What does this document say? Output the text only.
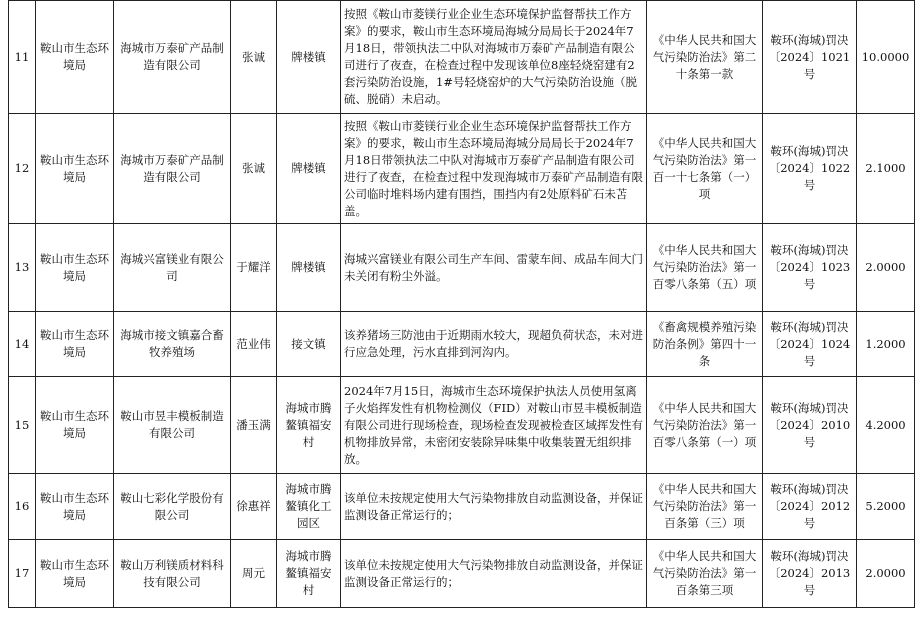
11	鞍山市生态环境局	海城市万泰矿产品制造有限公司	张诚	牌楼镇	按照《鞍山市菱镁行业企业生态环境保护监督帮扶工作方案》的要求，鞍山市生态环境局海城分局局长于2024年7月18日，带领执法二中队对海城市万泰矿产品制造有限公司进行了夜查，在检查过程中发现该单位8座轻烧窑建有2套污染防治设施，1#号轻烧窑炉的大气污染防治设施（脱硫、脱硝）未启动。	《中华人民共和国大气污染防治法》第二十条第一款	鞍环(海城)罚决〔2024〕1021号	10.0000
12	鞍山市生态环境局	海城市万泰矿产品制造有限公司	张诚	牌楼镇	按照《鞍山市菱镁行业企业生态环境保护监督帮扶工作方案》的要求，鞍山市生态环境局海城分局局长于2024年7月18日带领执法二中队对海城市万泰矿产品制造有限公司进行了夜查，在检查过程中发现海城市万泰矿产品制造有限公司临时堆料场内建有围挡，围挡内有2处原料矿石未苫盖。	《中华人民共和国大气污染防治法》第一百一十七条第（一）项	鞍环(海城)罚决〔2024〕1022号	2.1000
13	鞍山市生态环境局	海城兴富镁业有限公司	于耀洋	牌楼镇	海城兴富镁业有限公司生产车间、雷蒙车间、成品车间大门未关闭有粉尘外溢。	《中华人民共和国大气污染防治法》第一百零八条第（五）项	鞍环(海城)罚决〔2024〕1023号	2.0000
14	鞍山市生态环境局	海城市接文镇嘉合畜牧养殖场	范业伟	接文镇	该养猪场三防池由于近期雨水较大，现超负荷状态，未对进行应急处理，污水直排到河沟内。	《畜禽规模养殖污染防治条例》第四十一条	鞍环(海城)罚决〔2024〕1024号	1.2000
15	鞍山市生态环境局	鞍山市昱丰模板制造有限公司	潘玉满	海城市腾鳌镇福安村	2024年7月15日，海城市生态环境保护执法人员使用氢离子火焰挥发性有机物检测仪（FID）对鞍山市昱丰模板制造有限公司进行现场检查，现场检查发现被检查区域挥发性有机物排放异常，未密闭安装除异味集中收集装置无组织排放。	《中华人民共和国大气污染防治法》第一百零八条第（一）项	鞍环(海城)罚决〔2024〕2010号	4.2000
16	鞍山市生态环境局	鞍山七彩化学股份有限公司	徐惠祥	海城市腾鳌镇化工园区	该单位未按规定使用大气污染物排放自动监测设备，并保证监测设备正常运行的；	《中华人民共和国大气污染防治法》第一百条第（三）项	鞍环(海城)罚决〔2024〕2012号	5.2000
17	鞍山市生态环境局	鞍山万利镁质材料科技有限公司	周元	海城市腾鳌镇福安村	该单位未按规定使用大气污染物排放自动监测设备，并保证监测设备正常运行的；	《中华人民共和国大气污染防治法》第一百条第三项	鞍环(海城)罚决〔2024〕2013号	2.0000
